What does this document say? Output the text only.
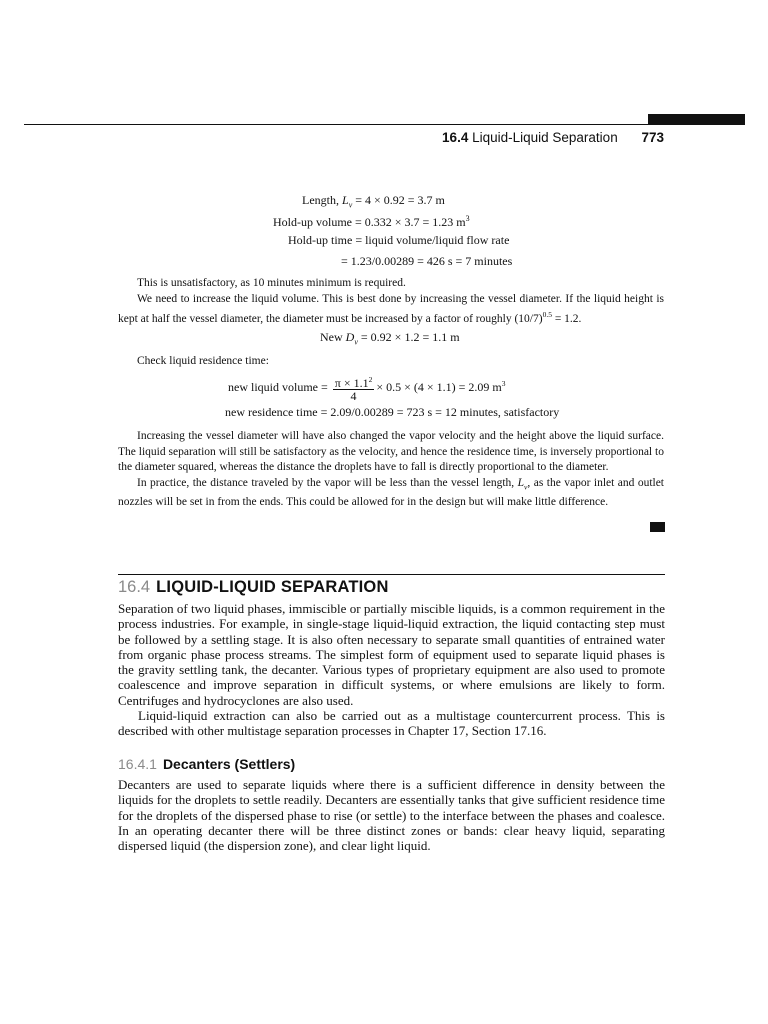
16.4 Liquid-Liquid Separation 773
Length, $L_v = 4 \times 0.92 = 3.7$ m
Hold-up volume = 0.332 × 3.7 = 1.23 $m^3$
Hold-up time = liquid volume/liquid flow rate
= 1.23/0.00289 = 426 s = 7 minutes

This is unsatisfactory, as 10 minutes minimum is required.

We need to increase the liquid volume. This is best done by increasing the vessel diameter. If the liquid height is kept at half the vessel diameter, the diameter must be increased by a factor of roughly $(10/7)^{0.5} = 1.2$.

New $D_v = 0.92 \times 1.2 = 1.1$ m

Check liquid residence time:

new liquid volume = $\frac{\pi \times 1.1^2}{4} \times 0.5 \times (4 \times 1.1) = 2.09$ $m^3$
new residence time = 2.09/0.00289 = 723 s = 12 minutes, satisfactory

Increasing the vessel diameter will have also changed the vapor velocity and the height above the liquid surface. The liquid separation will still be satisfactory as the velocity, and hence the residence time, is inversely proportional to the diameter squared, whereas the distance the droplets have to fall is directly proportional to the diameter.

In practice, the distance traveled by the vapor will be less than the vessel length, $L_v$, as the vapor inlet and outlet nozzles will be set in from the ends. This could be allowed for in the design but will make little difference.

16.4 LIQUID-LIQUID SEPARATION

Separation of two liquid phases, immiscible or partially miscible liquids, is a common requirement in the process industries. For example, in single-stage liquid-liquid extraction, the liquid contacting step must be followed by a settling stage. It is also often necessary to separate small quantities of entrained water from organic phase process streams. The simplest form of equipment used to separate liquid phases is the gravity settling tank, the decanter. Various types of proprietary equipment are also used to promote coalescence and improve separation in difficult systems, or where emulsions are likely to form. Centrifuges and hydrocyclones are also used.

Liquid-liquid extraction can also be carried out as a multistage countercurrent process. This is described with other multistage separation processes in Chapter 17, Section 17.16.

16.4.1 Decanters (Settlers)

Decanters are used to separate liquids where there is a sufficient difference in density between the liquids for the droplets to settle readily. Decanters are essentially tanks that give sufficient residence time for the droplets of the dispersed phase to rise (or settle) to the interface between the phases and coalesce. In an operating decanter there will be three distinct zones or bands: clear heavy liquid, separating dispersed liquid (the dispersion zone), and clear light liquid.
